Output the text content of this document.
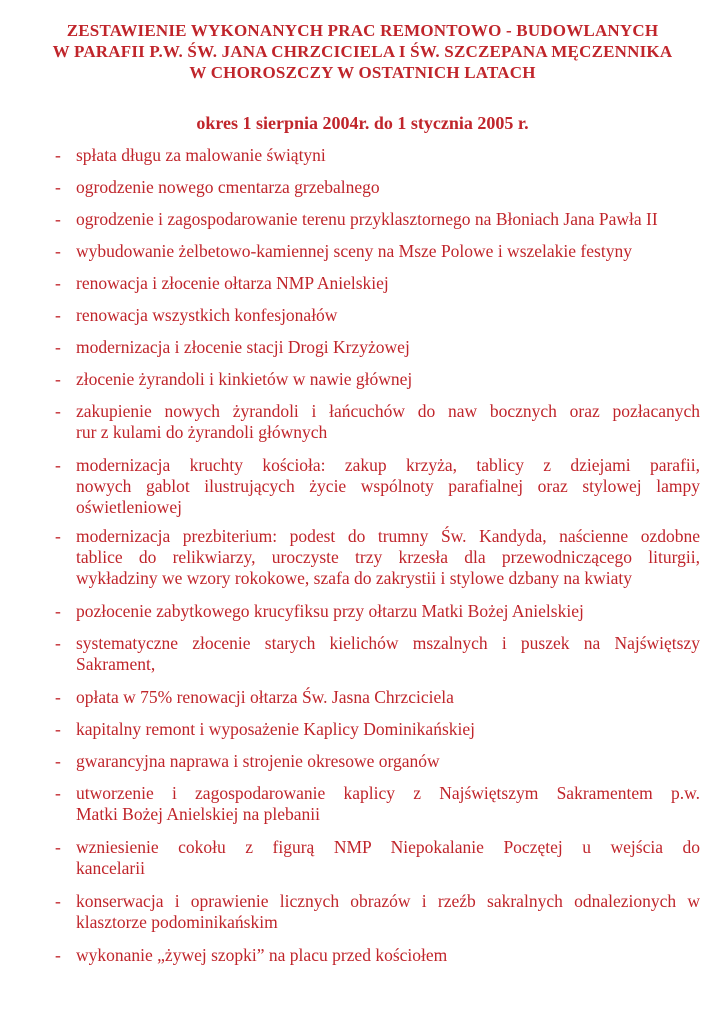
ZESTAWIENIE WYKONANYCH PRAC REMONTOWO - BUDOWLANYCH
W PARAFII P.W. ŚW. JANA CHRZCICIELA I ŚW. SZCZEPANA MĘCZENNIKA
W CHOROSZCZY W OSTATNICH LATACH
okres 1 sierpnia 2004r. do 1 stycznia 2005 r.
- spłata długu za malowanie świątyni
- ogrodzenie nowego cmentarza grzebalnego
- ogrodzenie i zagospodarowanie terenu przyklasztornego na Błoniach Jana Pawła II
- wybudowanie żelbetowo-kamiennej sceny na Msze Polowe i wszelakie festyny
- renowacja i złocenie ołtarza NMP Anielskiej
- renowacja wszystkich konfesjonałów
- modernizacja i złocenie stacji Drogi Krzyżowej
- złocenie żyrandoli i kinkietów w nawie głównej
- zakupienie nowych żyrandoli i łańcuchów do naw bocznych oraz pozłacanych
rur z kulami do żyrandoli głównych
- modernizacja kruchty kościoła: zakup krzyża, tablicy z dziejami parafii,
nowych gablot ilustrujących życie wspólnoty parafialnej oraz stylowej lampy
oświetleniowej
- modernizacja prezbiterium: podest do trumny Św. Kandyda, naścienne ozdobne
tablice do relikwiarzy, uroczyste trzy krzesła dla przewodniczącego liturgii,
wykładziny we wzory rokokowe, szafa do zakrystii i stylowe dzbany na kwiaty
- pozłocenie zabytkowego krucyfiksu przy ołtarzu Matki Bożej Anielskiej
- systematyczne złocenie starych kielichów mszalnych i puszek na Najświętszy
Sakrament,
- opłata w 75% renowacji ołtarza Św. Jasna Chrzciciela
- kapitalny remont i wyposażenie Kaplicy Dominikańskiej
- gwarancyjna naprawa i strojenie okresowe organów
- utworzenie i zagospodarowanie kaplicy z Najświętszym Sakramentem p.w.
Matki Bożej Anielskiej na plebanii
- wzniesienie cokołu z figurą NMP Niepokalanie Poczętej u wejścia do
kancelarii
- konserwacja i oprawienie licznych obrazów i rzeźb sakralnych odnalezionych w
klasztorze podominikańskim
- wykonanie „żywej szopki” na placu przed kościołem
